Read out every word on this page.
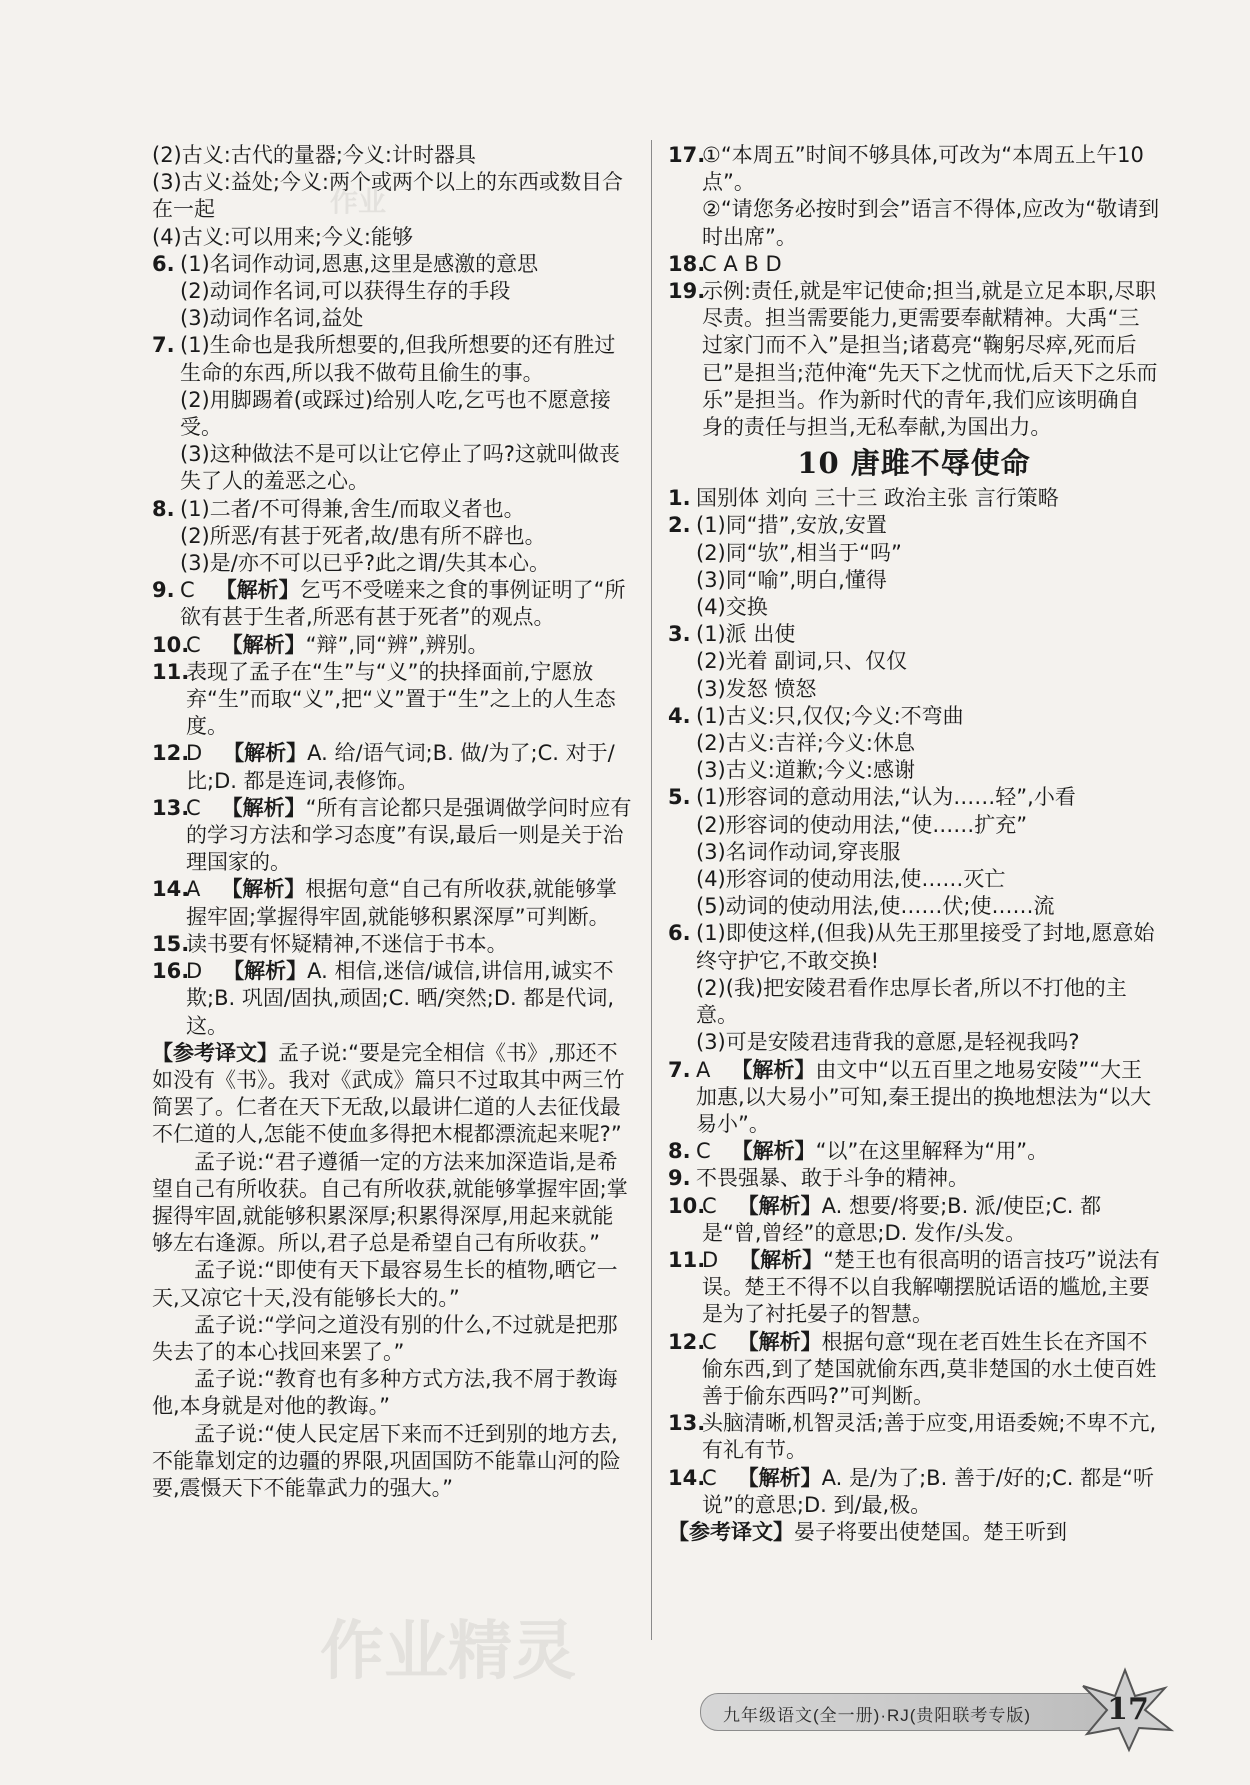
(2)古义:古代的量器;今义:计时器具
(3)古义:益处;今义:两个或两个以上的东西或数目合在一起
(4)古义:可以用来;今义:能够
6. (1)名词作动词,恩惠,这里是感激的意思
(2)动词作名词,可以获得生存的手段
(3)动词作名词,益处
7. (1)生命也是我所想要的,但我所想要的还有胜过生命的东西,所以我不做苟且偷生的事。
(2)用脚踢着(或踩过)给别人吃,乞丐也不愿意接受。
(3)这种做法不是可以让它停止了吗?这就叫做丧失了人的羞恶之心。
8. (1)二者/不可得兼,舍生/而取义者也。
(2)所恶/有甚于死者,故/患有所不辟也。
(3)是/亦不可以已乎?此之谓/失其本心。
9. C  【解析】乞丐不受嗟来之食的事例证明了“所欲有甚于生者,所恶有甚于死者”的观点。
10.
C  【解析】“辩”,同“辨”,辨别。
11.
表现了孟子在“生”与“义”的抉择面前,宁愿放弃“生”而取“义”,把“义”置于“生”之上的人生态度。
12.
D  【解析】A. 给/语气词;B. 做/为了;C. 对于/比;D. 都是连词,表修饰。
13.
C  【解析】“所有言论都只是强调做学问时应有的学习方法和学习态度”有误,最后一则是关于治理国家的。
14.
A  【解析】根据句意“自己有所收获,就能够掌握牢固;掌握得牢固,就能够积累深厚”可判断。
15.
读书要有怀疑精神,不迷信于书本。
16.
D  【解析】A. 相信,迷信/诚信,讲信用,诚实不欺;B. 巩固/固执,顽固;C. 晒/突然;D. 都是代词,这。
【参考译文】孟子说:“要是完全相信《书》,那还不如没有《书》。我对《武成》篇只不过取其中两三竹简罢了。仁者在天下无敌,以最讲仁道的人去征伐最不仁道的人,怎能不使血多得把木棍都漂流起来呢?”
孟子说:“君子遵循一定的方法来加深造诣,是希望自己有所收获。自己有所收获,就能够掌握牢固;掌握得牢固,就能够积累深厚;积累得深厚,用起来就能够左右逢源。所以,君子总是希望自己有所收获。”
孟子说:“即使有天下最容易生长的植物,晒它一天,又凉它十天,没有能够长大的。”
孟子说:“学问之道没有别的什么,不过就是把那失去了的本心找回来罢了。”
孟子说:“教育也有多种方式方法,我不屑于教诲他,本身就是对他的教诲。”
孟子说:“使人民定居下来而不迁到别的地方去,不能靠划定的边疆的界限,巩固国防不能靠山河的险要,震慑天下不能靠武力的强大。”
17.
①“本周五”时间不够具体,可改为“本周五上午10点”。
②“请您务必按时到会”语言不得体,应改为“敬请到时出席”。
18.
C A B D
19.
示例:责任,就是牢记使命;担当,就是立足本职,尽职尽责。担当需要能力,更需要奉献精神。大禹“三过家门而不入”是担当;诸葛亮“鞠躬尽瘁,死而后已”是担当;范仲淹“先天下之忧而忧,后天下之乐而乐”是担当。作为新时代的青年,我们应该明确自身的责任与担当,无私奉献,为国出力。
10 唐雎不辱使命
1. 国别体 刘向 三十三 政治主张 言行策略
2. (1)同“措”,安放,安置
(2)同“欤”,相当于“吗”
(3)同“喻”,明白,懂得
(4)交换
3. (1)派 出使
(2)光着 副词,只、仅仅
(3)发怒 愤怒
4. (1)古义:只,仅仅;今义:不弯曲
(2)古义:吉祥;今义:休息
(3)古义:道歉;今义:感谢
5. (1)形容词的意动用法,“认为……轻”,小看
(2)形容词的使动用法,“使……扩充”
(3)名词作动词,穿丧服
(4)形容词的使动用法,使……灭亡
(5)动词的使动用法,使……伏;使……流
6. (1)即使这样,(但我)从先王那里接受了封地,愿意始终守护它,不敢交换!
(2)(我)把安陵君看作忠厚长者,所以不打他的主意。
(3)可是安陵君违背我的意愿,是轻视我吗?
7. A  【解析】由文中“以五百里之地易安陵”“大王加惠,以大易小”可知,秦王提出的换地想法为“以大易小”。
8. C  【解析】“以”在这里解释为“用”。
9. 不畏强暴、敢于斗争的精神。
10.
C  【解析】A. 想要/将要;B. 派/使臣;C. 都是“曾,曾经”的意思;D. 发作/头发。
11.
D  【解析】“楚王也有很高明的语言技巧”说法有误。楚王不得不以自我解嘲摆脱话语的尴尬,主要是为了衬托晏子的智慧。
12.
C  【解析】根据句意“现在老百姓生长在齐国不偷东西,到了楚国就偷东西,莫非楚国的水土使百姓善于偷东西吗?”可判断。
13.
头脑清晰,机智灵活;善于应变,用语委婉;不卑不亢,有礼有节。
14.
C  【解析】A. 是/为了;B. 善于/好的;C. 都是“听说”的意思;D. 到/最,极。
【参考译文】晏子将要出使楚国。楚王听到
作业
作业精灵
九年级语文(全一册)·RJ(贵阳联考专版)	17
